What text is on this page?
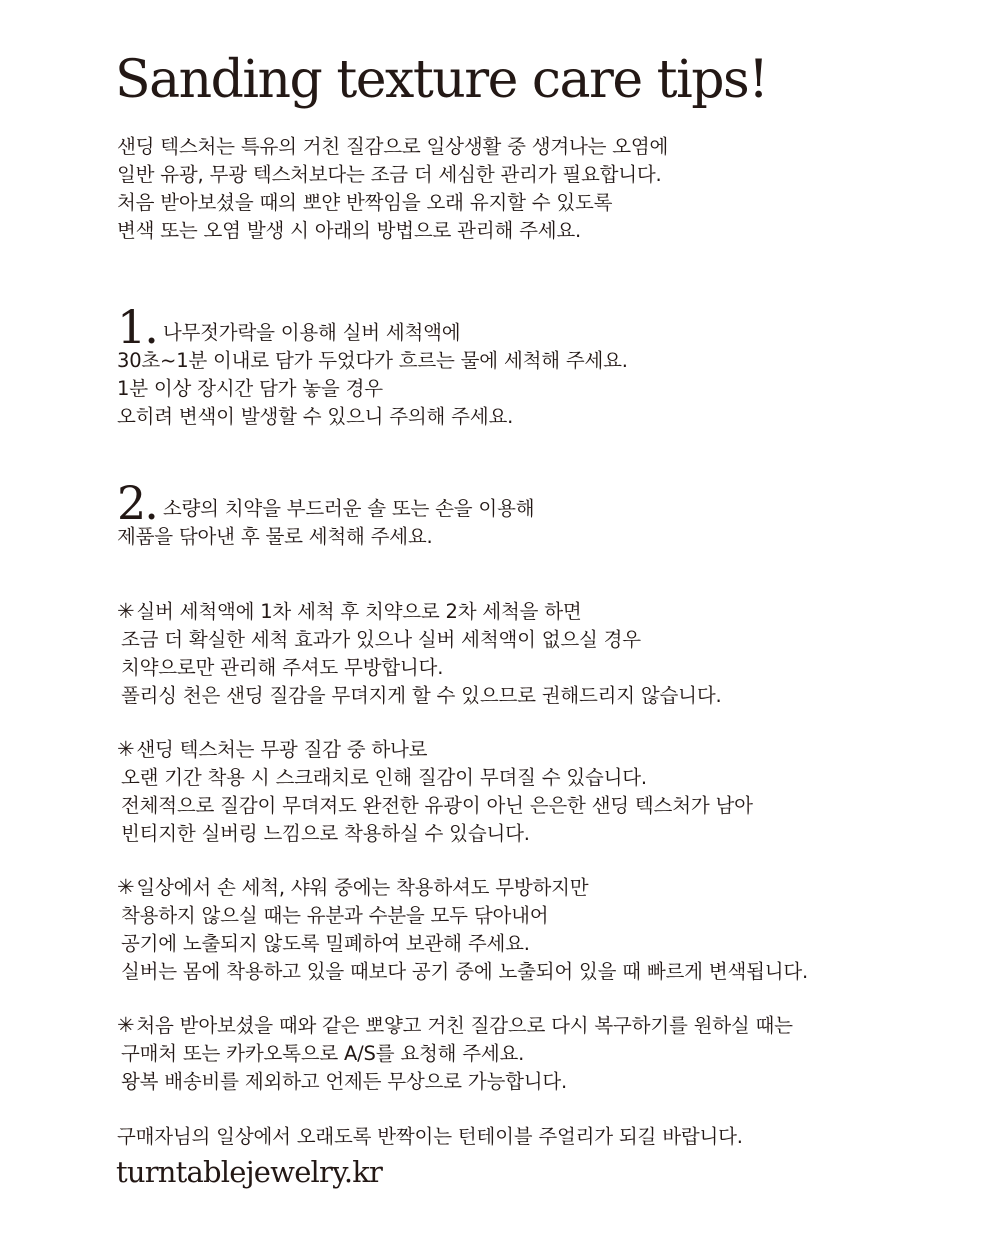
Sanding texture care tips!
샌딩 텍스처는 특유의 거친 질감으로 일상생활 중 생겨나는 오염에
일반 유광, 무광 텍스처보다는 조금 더 세심한 관리가 필요합니다.
처음 받아보셨을 때의 뽀얀 반짝임을 오래 유지할 수 있도록
변색 또는 오염 발생 시 아래의 방법으로 관리해 주세요.
1. 나무젓가락을 이용해 실버 세척액에
30초~1분 이내로 담가 두었다가 흐르는 물에 세척해 주세요.
1분 이상 장시간 담가 놓을 경우
오히려 변색이 발생할 수 있으니 주의해 주세요.
2. 소량의 치약을 부드러운 솔 또는 손을 이용해
제품을 닦아낸 후 물로 세척해 주세요.
✳ 실버 세척액에 1차 세척 후 치약으로 2차 세척을 하면
조금 더 확실한 세척 효과가 있으나 실버 세척액이 없으실 경우
치약으로만 관리해 주셔도 무방합니다.
폴리싱 천은 샌딩 질감을 무뎌지게 할 수 있으므로 권해드리지 않습니다.
✳ 샌딩 텍스처는 무광 질감 중 하나로
오랜 기간 착용 시 스크래치로 인해 질감이 무뎌질 수 있습니다.
전체적으로 질감이 무뎌져도 완전한 유광이 아닌 은은한 샌딩 텍스처가 남아
빈티지한 실버링 느낌으로 착용하실 수 있습니다.
✳ 일상에서 손 세척, 샤워 중에는 착용하셔도 무방하지만
착용하지 않으실 때는 유분과 수분을 모두 닦아내어
공기에 노출되지 않도록 밀폐하여 보관해 주세요.
실버는 몸에 착용하고 있을 때보다 공기 중에 노출되어 있을 때 빠르게 변색됩니다.
✳ 처음 받아보셨을 때와 같은 뽀얗고 거친 질감으로 다시 복구하기를 원하실 때는
구매처 또는 카카오톡으로 A/S를 요청해 주세요.
왕복 배송비를 제외하고 언제든 무상으로 가능합니다.
구매자님의 일상에서 오래도록 반짝이는 턴테이블 주얼리가 되길 바랍니다.

turntablejewelry.kr
